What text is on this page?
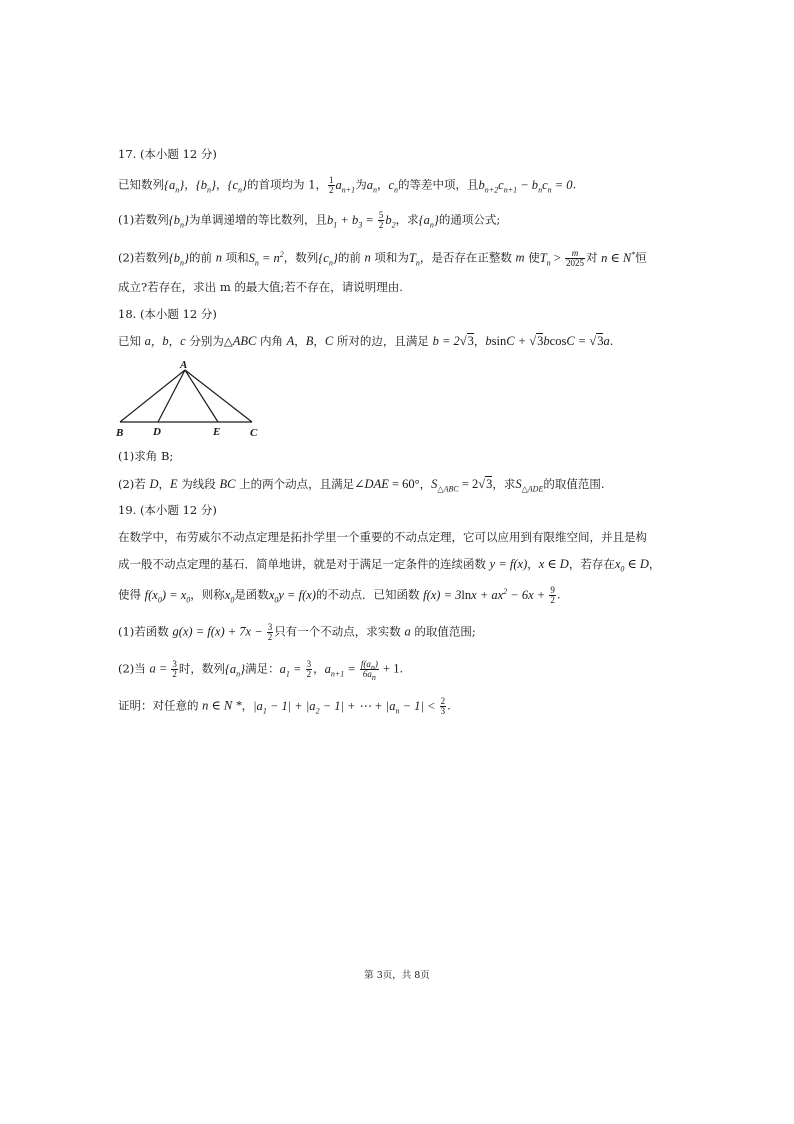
17. (本小题 12 分)
已知数列$\{a_n\}$，$\{b_n\}$，$\{c_n\}$的首项均为 1， $\frac{1}{2} a_{n+1}$为$a_n$，$c_n$的等差中项，且$b_{n+2}c_{n+1} - b_nc_n = 0$.
(1)若数列$\{b_n\}$为单调递增的等比数列，且$b_1 + b_3 = \frac{5}{2} b_2$，求$\{a_n\}$的通项公式;
(2)若数列$\{b_n\}$的前 n 项和$S_n = n^2$，数列$\{c_n\}$的前 n 项和为$T_n$，是否存在正整数 m 使$T_n > \frac{m}{2025}$ 对 n ∈ N*恒
成立?若存在，求出 m 的最大值;若不存在，请说明理由.
18. (本小题 12 分)
已知 a，b，c 分别为△ABC 内角 A，B，C 所对的边，且满足 b = 2√3，bsinC + √3bcosC = √3a.
A
B	D	E	C
(1)求角 B;
(2)若 D，E 为线段 BC 上的两个动点，且满足∠DAE = 60°，$S_{\triangle ABC} = 2√3$，求$S_{\triangle ADE}$的取值范围.
19. (本小题 12 分)
在数学中，布劳威尔不动点定理是拓扑学里一个重要的不动点定理，它可以应用到有限维空间，并且是构
成一般不动点定理的基石．简单地讲，就是对于满足一定条件的连续函数 y = f(x)，x ∈ D，若存在$x_0$ ∈ D，
使得 $f(x_0) = x_0$，则称$x_0$是函数$x_0y = f(x)$的不动点．已知函数 $f(x) = 3\ln x + ax^2 - 6x + \frac{9}{2}$ .
(1)若函数 $g(x) = f(x) + 7x - \frac{3}{2}$ 只有一个不动点，求实数 a 的取值范围;
(2)当 $a = \frac{3}{2}$ 时，数列$\{a_n\}$满足：$a_1 = \frac{3}{2}$ ，$a_{n+1} = \frac{f(a_n)}{6a_n} + 1$.
证明：对任意的 n ∈ N *，$|a_1 - 1| + |a_2 - 1|$ + ⋯ + $|a_n - 1| < \frac{2}{3}$ .
第 3页，共 8页
